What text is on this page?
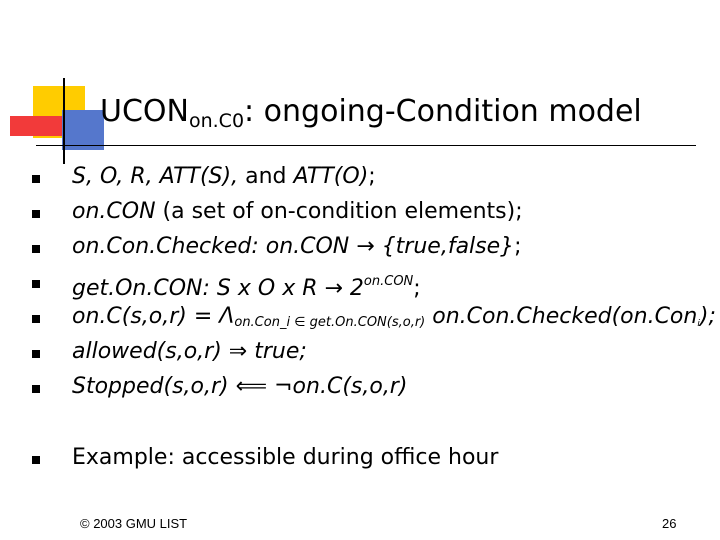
$UCON_{on.C0}$: ongoing-Condition model
S, O, R, ATT(S), and ATT(O);
on.CON (a set of on-condition elements);
on.Con.Checked: on.CON → {true,false};
get.On.CON: S x O x $R \to 2^{on.CON}$;
$on.C(s,o,r) = \Lambda_{on.Con\_i \in get.On.CON(s,o,r)}$ on.Con.Checked(on.Coni);
allowed(s,o,r) ⇒ true;
Stopped(s,o,r) ⟸ ¬on.C(s,o,r)
Example: accessible during office hour
© 2003 GMU LIST	26
